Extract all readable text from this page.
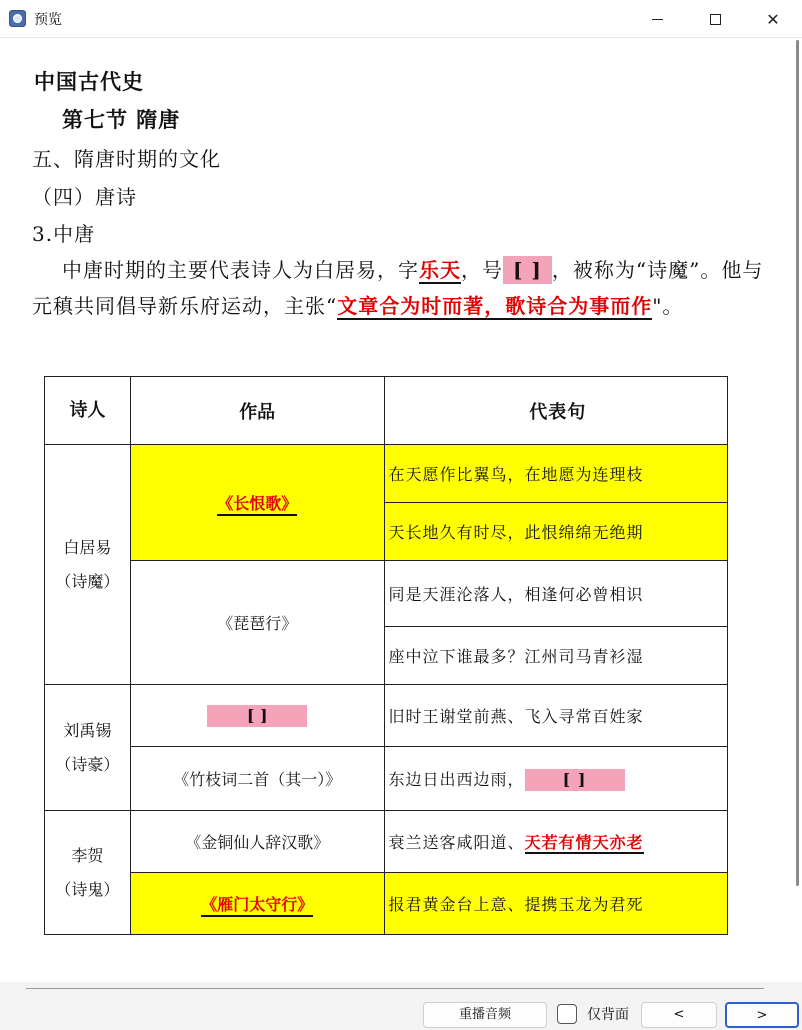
预览	✕
中国古代史
第七节 隋唐
五、隋唐时期的文化
（四）唐诗
3.中唐
中唐时期的主要代表诗人为白居易，字乐天，号 [ ] ，被称为“诗魔”。他与元稹共同倡导新乐府运动，主张“文章合为时而著，歌诗合为事而作"。
诗人	作品	代表句

白居易
（诗魔）	《长恨歌》	在天愿作比翼鸟，在地愿为连理枝
		天长地久有时尽，此恨绵绵无绝期
	《琵琶行》	同是天涯沦落人，相逢何必曾相识
		座中泣下谁最多？江州司马青衫湿

刘禹锡
（诗豪）	[ ]	旧时王谢堂前燕、飞入寻常百姓家
	《竹枝词二首（其一）》	东边日出西边雨， [ ]

李贺
（诗鬼）	《金铜仙人辞汉歌》	衰兰送客咸阳道、天若有情天亦老
	《雁门太守行》	报君黄金台上意、提携玉龙为君死
重播音频	仅背面	<	>
